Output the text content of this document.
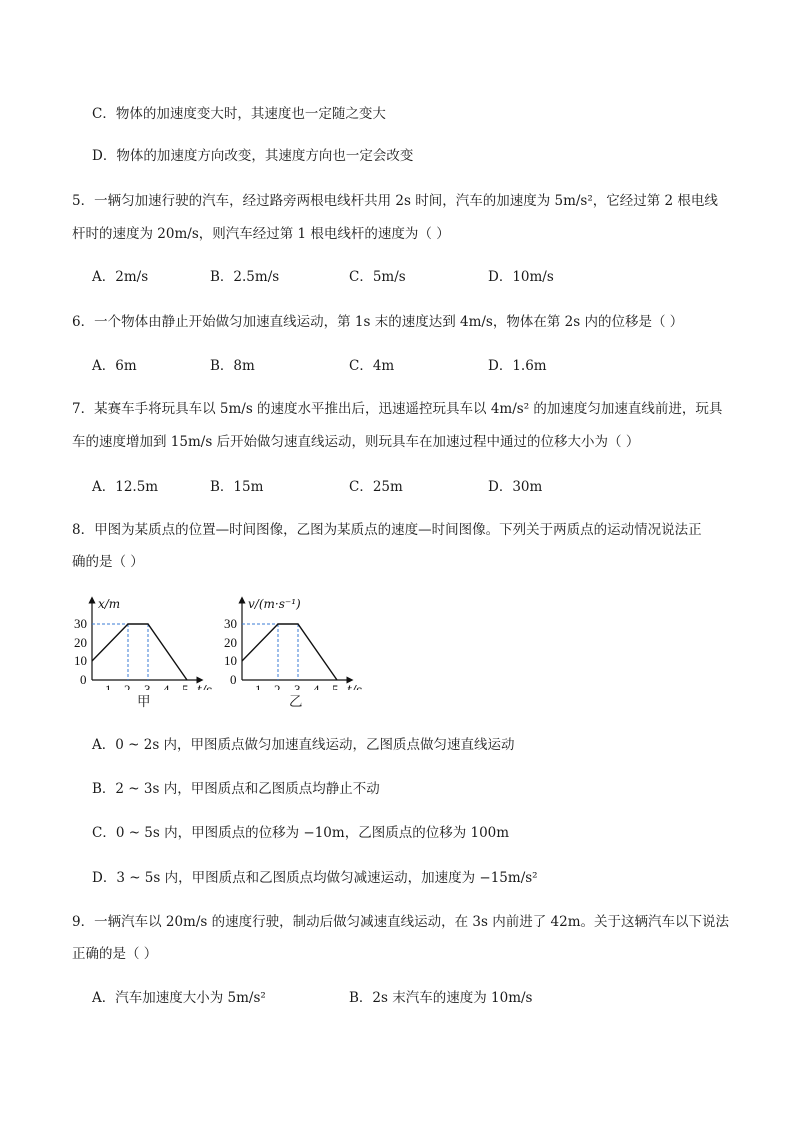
C．物体的加速度变大时，其速度也一定随之变大
D．物体的加速度方向改变，其速度方向也一定会改变
5．一辆匀加速行驶的汽车，经过路旁两根电线杆共用 2s 时间，汽车的加速度为 5m/s²，它经过第 2 根电线
杆时的速度为 20m/s，则汽车经过第 1 根电线杆的速度为（ ）
A．2m/s	B．2.5m/s	C．5m/s	D．10m/s
6．一个物体由静止开始做匀加速直线运动，第 1s 末的速度达到 4m/s，物体在第 2s 内的位移是（ ）
A．6m	B．8m	C．4m	D．1.6m
7．某赛车手将玩具车以 5m/s 的速度水平推出后，迅速遥控玩具车以 4m/s² 的加速度匀加速直线前进，玩具
车的速度增加到 15m/s 后开始做匀速直线运动，则玩具车在加速过程中通过的位移大小为（ ）
A．12.5m	B．15m	C．25m	D．30m
8．甲图为某质点的位置—时间图像，乙图为某质点的速度—时间图像。下列关于两质点的运动情况说法正
确的是（ ）
x/m
30
20
10
0
1 2 3 4 5 t/s
甲
v/(m·s⁻¹)
30
20
10
0
1 2 3 4 5 t/s
乙
A．0 ~ 2s 内，甲图质点做匀加速直线运动，乙图质点做匀速直线运动
B．2 ~ 3s 内，甲图质点和乙图质点均静止不动
C．0 ~ 5s 内，甲图质点的位移为 −10m，乙图质点的位移为 100m
D．3 ~ 5s 内，甲图质点和乙图质点均做匀减速运动，加速度为 −15m/s²
9．一辆汽车以 20m/s 的速度行驶，制动后做匀减速直线运动，在 3s 内前进了 42m。关于这辆汽车以下说法
正确的是（ ）
A．汽车加速度大小为 5m/s²	B．2s 末汽车的速度为 10m/s
